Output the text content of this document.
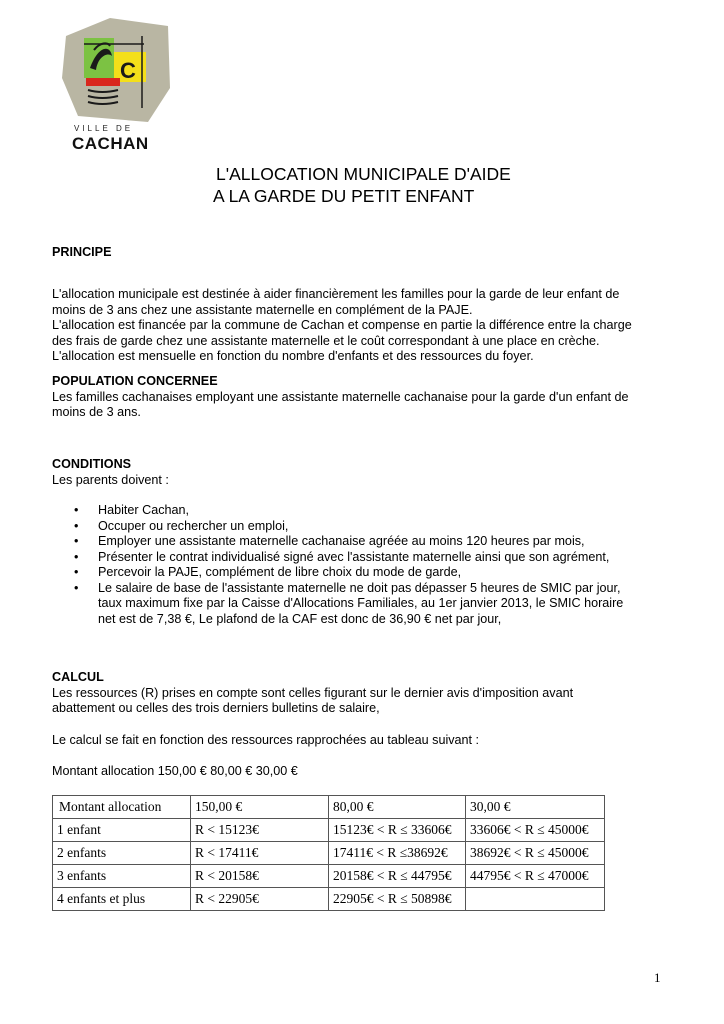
C
VILLE DE
CACHAN
L'ALLOCATION MUNICIPALE D'AIDE
A LA GARDE DU PETIT ENFANT

PRINCIPE

L'allocation municipale est destinée à aider financièrement les familles pour la garde de leur enfant de

moins de 3 ans chez une assistante maternelle en complément de la PAJE.

L'allocation est financée par la commune de Cachan et compense en partie la différence entre la charge

des frais de garde chez une assistante maternelle et le coût correspondant à une place en crèche.

L'allocation est mensuelle en fonction du nombre d'enfants et des ressources du foyer.

POPULATION CONCERNEE

Les familles cachanaises employant une assistante maternelle cachanaise pour la garde d'un enfant de

moins de 3 ans.

CONDITIONS

Les parents doivent :

• Habiter Cachan,
• Occuper ou rechercher un emploi,
• Employer une assistante maternelle cachanaise agréée au moins 120 heures par mois,
• Présenter le contrat individualisé signé avec l'assistante maternelle ainsi que son agrément,
• Percevoir la PAJE, complément de libre choix du mode de garde,
• Le salaire de base de l'assistante maternelle ne doit pas dépasser 5 heures de SMIC par jour,
taux maximum fixe par la Caisse d'Allocations Familiales, au 1er janvier 2013, le SMIC horaire
net est de 7,38 €, Le plafond de la CAF est donc de 36,90 € net par jour,

CALCUL

Les ressources (R) prises en compte sont celles figurant sur le dernier avis d'imposition avant

abattement ou celles des trois derniers bulletins de salaire,

Le calcul se fait en fonction des ressources rapprochées au tableau suivant :
Montant allocation 150,00 € 80,00 € 30,00 €
Montant allocation	150,00 €	80,00 €	30,00 €
1 enfant	R < 15123€	15123€ < R ≤ 33606€	33606€ < R ≤ 45000€
2 enfants	R < 17411€	17411€ < R ≤38692€	38692€ < R ≤ 45000€
3 enfants	R < 20158€	20158€ < R ≤ 44795€	44795€ < R ≤ 47000€
4 enfants et plus	R < 22905€	22905€ < R ≤ 50898€	
1
